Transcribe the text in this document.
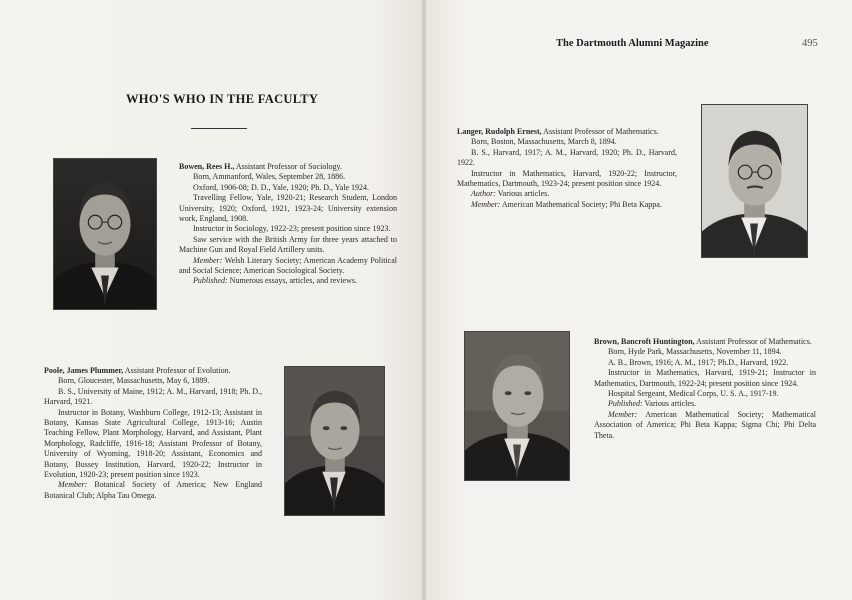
WHO'S WHO IN THE FACULTY
The Dartmouth Alumni Magazine	495

Bowen, Rees H., Assistant Professor of Sociology.

Born, Ammanford, Wales, September 28, 1886.

Oxford, 1906-08; D. D., Yale, 1920; Ph. D., Yale 1924.

Travelling Fellow, Yale, 1920-21; Research Student, London University, 1920; Oxford, 1921, 1923-24; University extension work, England, 1908.

Instructor in Sociology, 1922-23; present position since 1923.

Saw service with the British Army for three years attached to Machine Gun and Royal Field Artillery units.

Member: Welsh Literary Society; American Academy Political and Social Science; American Sociological Society.

Published: Numerous essays, articles, and reviews.

Poole, James Plummer, Assistant Professor of Evolution.

Born, Gloucester, Massachusetts, May 6, 1889.

B. S., University of Maine, 1912; A. M., Harvard, 1918; Ph. D., Harvard, 1921.

Instructor in Botany, Washburn College, 1912-13; Assistant in Botany, Kansas State Agricultural College, 1913-16; Austin Teaching Fellow, Plant Morphology, Harvard, and Assistant, Plant Morphology, Radcliffe, 1916-18; Assistant Professor of Botany, University of Wyoming, 1918-20; Assistant, Economics and Botany, Bussey Institution, Harvard, 1920-22; Instructor in Evolution, 1920-23; present position since 1923.

Member: Botanical Society of America; New England Botanical Club; Alpha Tau Omega.

Langer, Rudolph Ernest, Assistant Professor of Mathematics.

Born, Boston, Massachusetts, March 8, 1894.

B. S., Harvard, 1917; A. M., Harvard, 1920; Ph. D., Harvard, 1922.

Instructor in Mathematics, Harvard, 1920-22; Instructor, Mathematics, Dartmouth, 1923-24; present position since 1924.

Author: Various articles.

Member: American Mathematical Society; Phi Beta Kappa.

Brown, Bancroft Huntington, Assistant Professor of Mathematics.

Born, Hyde Park, Massachusetts, November 11, 1894.

A. B., Brown, 1916; A. M., 1917; Ph.D., Harvard, 1922.

Instructor in Mathematics, Harvard, 1919-21; Instructor in Mathematics, Dartmouth, 1922-24; present position since 1924.

Hospital Sergeant, Medical Corps, U. S. A., 1917-19.

Published: Various articles.

Member: American Mathematical Society; Mathematical Association of America; Phi Beta Kappa; Sigma Chi; Phi Delta Theta.
